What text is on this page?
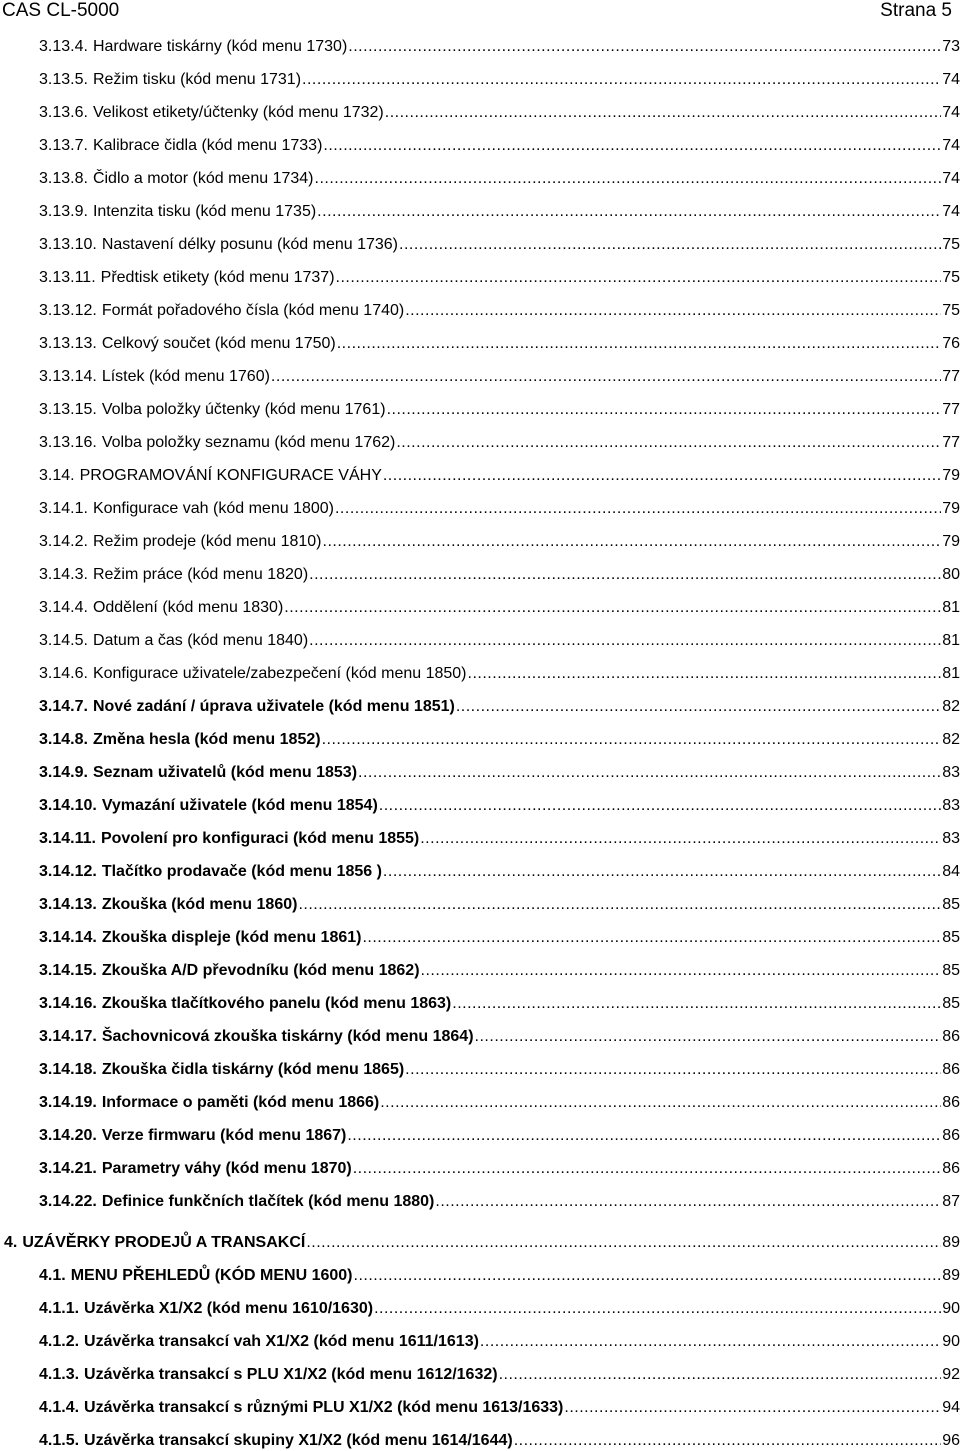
CAS CL-5000	Strana 5
3.13.4. Hardware tiskárny (kód menu 1730) .....	73
3.13.5. Režim tisku (kód menu 1731) .....	74
3.13.6. Velikost etikety/účtenky (kód menu 1732) .....	74
3.13.7. Kalibrace čidla (kód menu 1733) .....	74
3.13.8. Čidlo a motor (kód menu 1734) .....	74
3.13.9. Intenzita tisku (kód menu 1735) .....	74
3.13.10. Nastavení délky posunu (kód menu 1736) .....	75
3.13.11. Předtisk etikety (kód menu 1737) .....	75
3.13.12. Formát pořadového čísla (kód menu 1740) .....	75
3.13.13. Celkový součet (kód menu 1750) .....	76
3.13.14. Lístek (kód menu 1760) .....	77
3.13.15. Volba položky účtenky (kód menu 1761) .....	77
3.13.16. Volba položky seznamu (kód menu 1762) .....	77
3.14. PROGRAMOVÁNÍ KONFIGURACE VÁHY .....	79
3.14.1. Konfigurace vah (kód menu 1800) .....	79
3.14.2. Režim prodeje (kód menu 1810) .....	79
3.14.3. Režim práce (kód menu 1820) .....	80
3.14.4. Oddělení (kód menu 1830) .....	81
3.14.5. Datum a čas (kód menu 1840) .....	81
3.14.6. Konfigurace uživatele/zabezpečení (kód menu 1850) .....	81
3.14.7. Nové zadání / úprava uživatele (kód menu 1851) .....	82
3.14.8. Změna hesla (kód menu 1852) .....	82
3.14.9. Seznam uživatelů (kód menu 1853) .....	83
3.14.10. Vymazání uživatele (kód menu 1854) .....	83
3.14.11. Povolení pro konfiguraci (kód menu 1855) .....	83
3.14.12. Tlačítko prodavače (kód menu 1856 ) .....	84
3.14.13. Zkouška (kód menu 1860) .....	85
3.14.14. Zkouška displeje (kód menu 1861) .....	85
3.14.15. Zkouška A/D převodníku (kód menu 1862) .....	85
3.14.16. Zkouška tlačítkového panelu (kód menu 1863) .....	85
3.14.17. Šachovnicová zkouška tiskárny (kód menu 1864) .....	86
3.14.18. Zkouška čidla tiskárny (kód menu 1865) .....	86
3.14.19. Informace o paměti (kód menu 1866) .....	86
3.14.20. Verze firmwaru (kód menu 1867) .....	86
3.14.21. Parametry váhy (kód menu 1870) .....	86
3.14.22. Definice funkčních tlačítek (kód menu 1880) .....	87
4. UZÁVĚRKY PRODEJŮ A TRANSAKCÍ .....	89
4.1. MENU PŘEHLEDŮ (KÓD MENU 1600) .....	89
4.1.1. Uzávěrka X1/X2 (kód menu 1610/1630) .....	90
4.1.2. Uzávěrka transakcí vah X1/X2 (kód menu 1611/1613) .....	90
4.1.3. Uzávěrka transakcí s PLU X1/X2 (kód menu 1612/1632) .....	92
4.1.4. Uzávěrka transakcí s různými PLU X1/X2 (kód menu 1613/1633) .....	94
4.1.5. Uzávěrka transakcí skupiny X1/X2 (kód menu 1614/1644) .....	96
